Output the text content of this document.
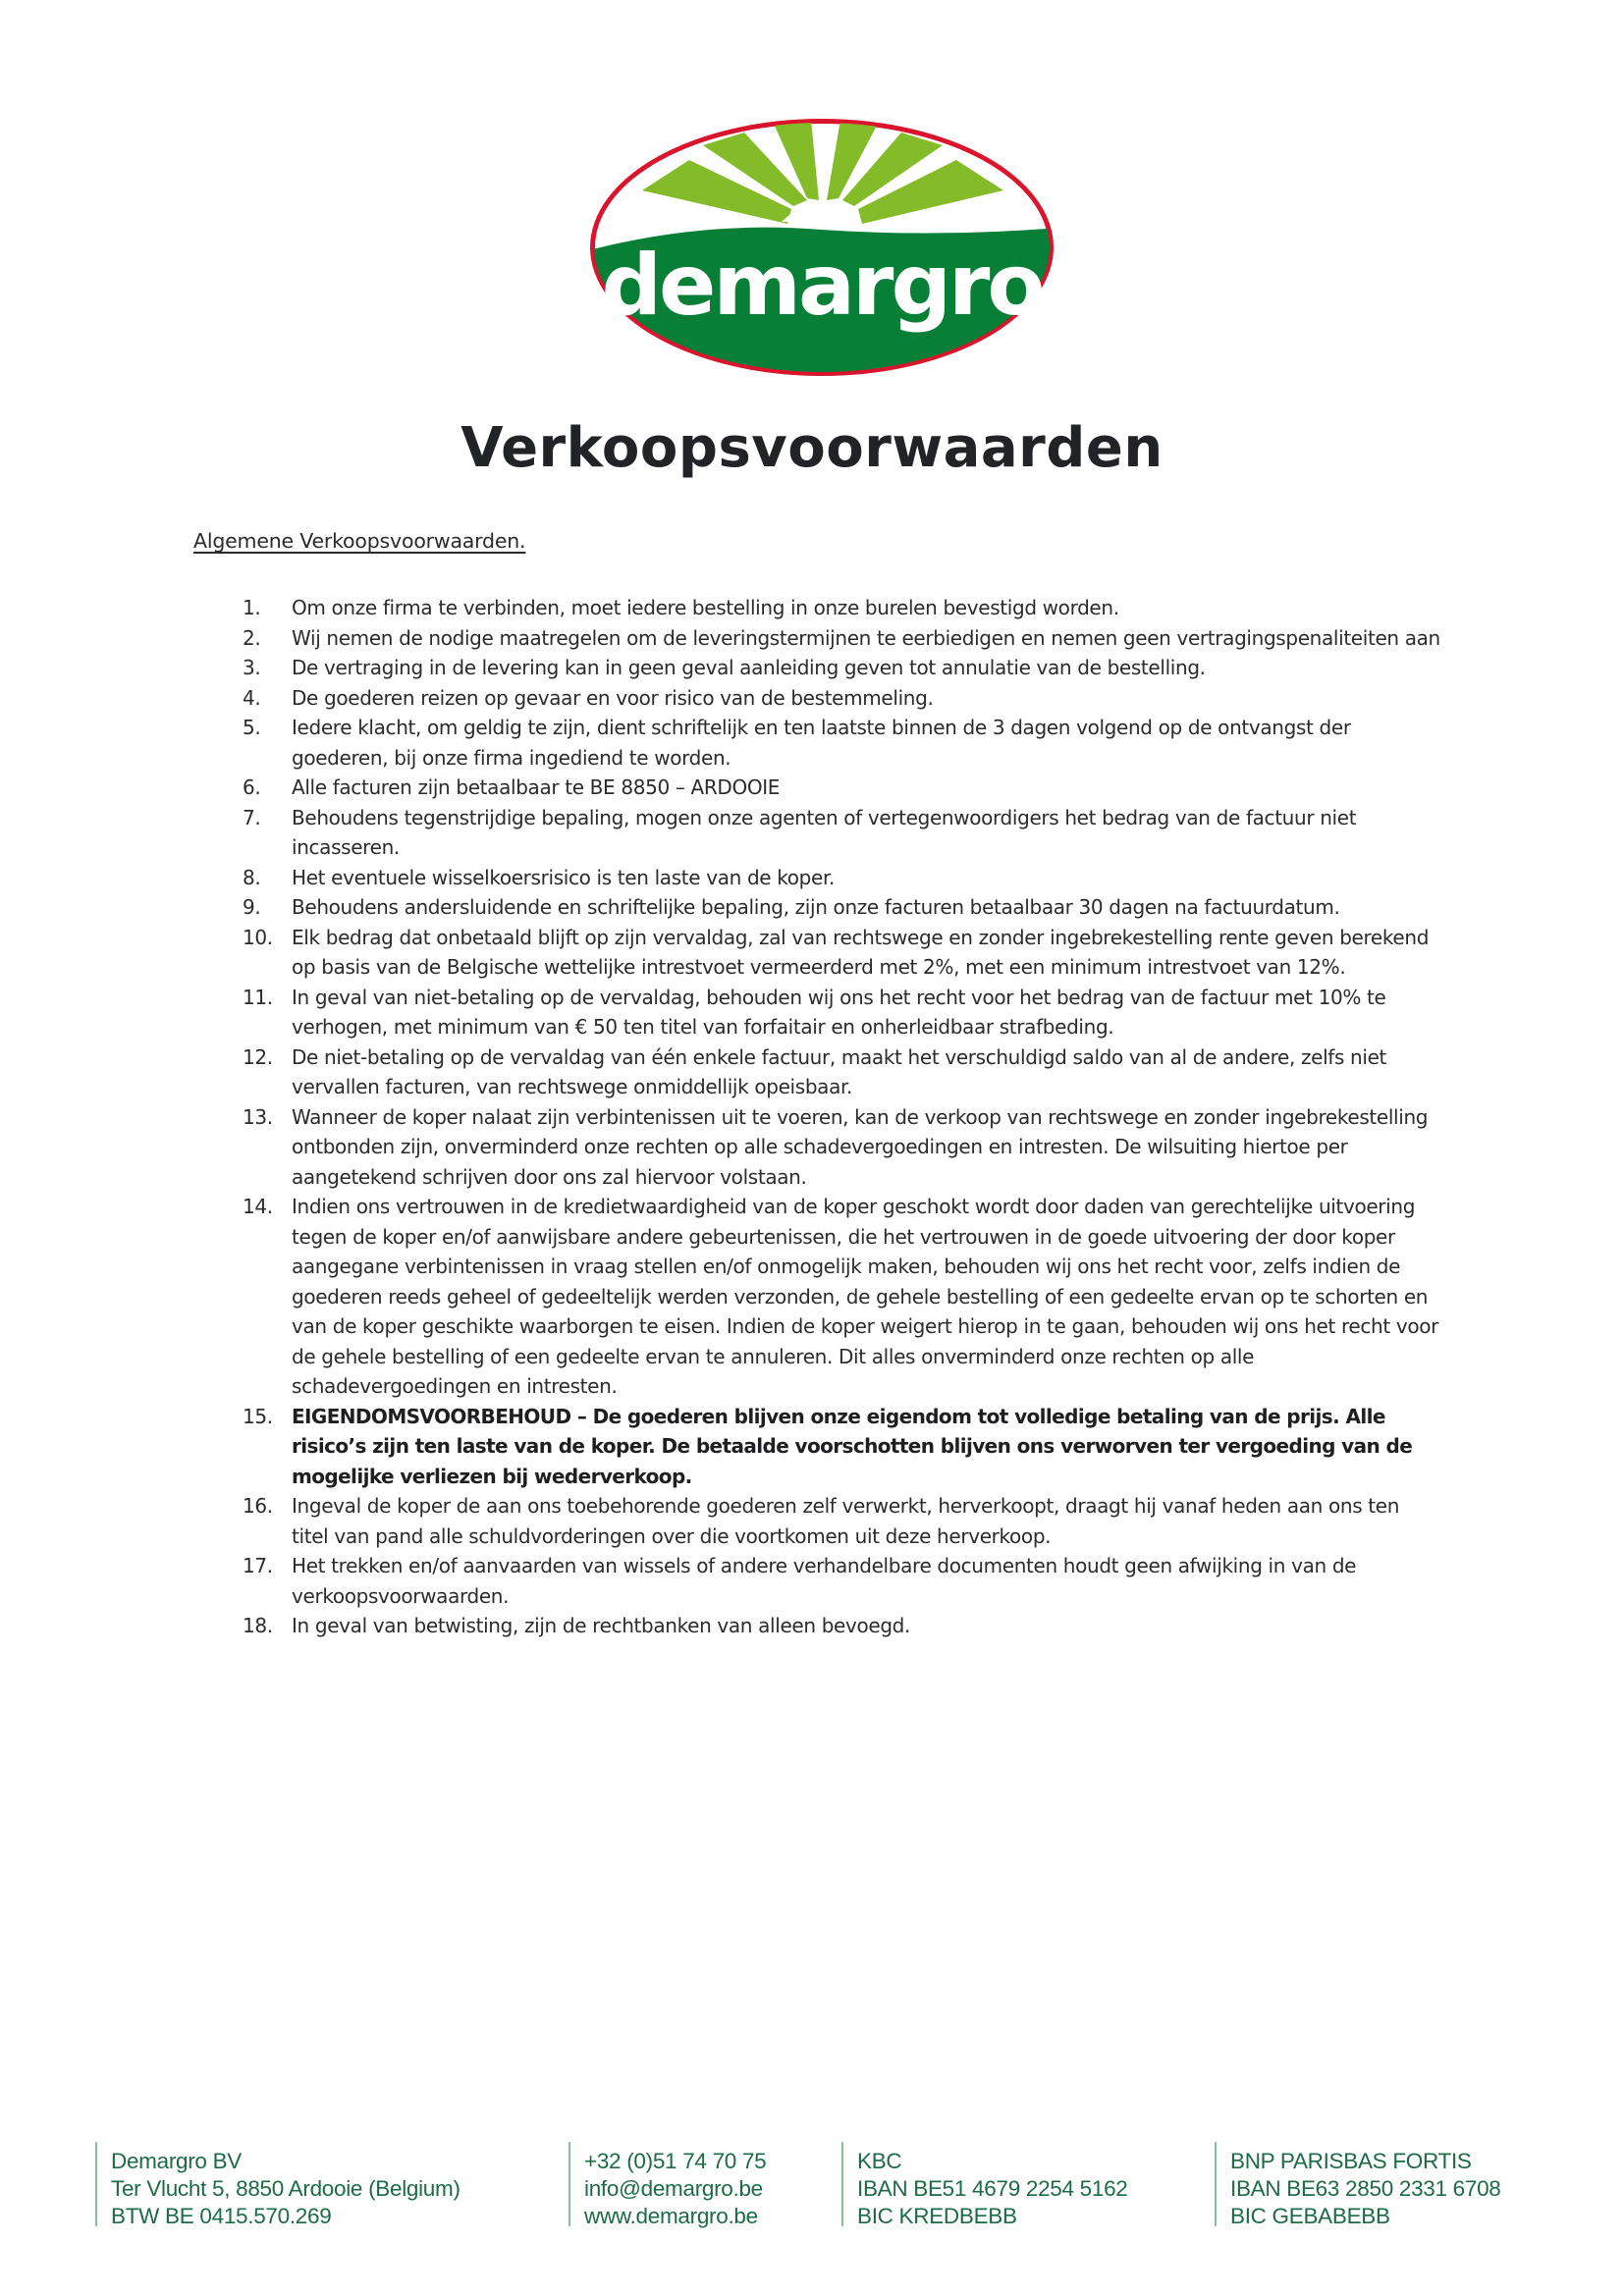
demargro
Verkoopsvoorwaarden
Algemene Verkoopsvoorwaarden.
1. Om onze firma te verbinden, moet iedere bestelling in onze burelen bevestigd worden.
2. Wij nemen de nodige maatregelen om de leveringstermijnen te eerbiedigen en nemen geen vertragingspenaliteiten aan
3. De vertraging in de levering kan in geen geval aanleiding geven tot annulatie van de bestelling.
4. De goederen reizen op gevaar en voor risico van de bestemmeling.
5. Iedere klacht, om geldig te zijn, dient schriftelijk en ten laatste binnen de 3 dagen volgend op de ontvangst der goederen, bij onze firma ingediend te worden.
6. Alle facturen zijn betaalbaar te BE 8850 – ARDOOIE
7. Behoudens tegenstrijdige bepaling, mogen onze agenten of vertegenwoordigers het bedrag van de factuur niet incasseren.
8. Het eventuele wisselkoersrisico is ten laste van de koper.
9. Behoudens andersluidende en schriftelijke bepaling, zijn onze facturen betaalbaar 30 dagen na factuurdatum.
10. Elk bedrag dat onbetaald blijft op zijn vervaldag, zal van rechtswege en zonder ingebrekestelling rente geven berekend op basis van de Belgische wettelijke intrestvoet vermeerderd met 2%, met een minimum intrestvoet van 12%.
11. In geval van niet-betaling op de vervaldag, behouden wij ons het recht voor het bedrag van de factuur met 10% te verhogen, met minimum van € 50 ten titel van forfaitair en onherleidbaar strafbeding.
12. De niet-betaling op de vervaldag van één enkele factuur, maakt het verschuldigd saldo van al de andere, zelfs niet vervallen facturen, van rechtswege onmiddellijk opeisbaar.
13. Wanneer de koper nalaat zijn verbintenissen uit te voeren, kan de verkoop van rechtswege en zonder ingebrekestelling ontbonden zijn, onverminderd onze rechten op alle schadevergoedingen en intresten. De wilsuiting hiertoe per aangetekend schrijven door ons zal hiervoor volstaan.
14. Indien ons vertrouwen in de kredietwaardigheid van de koper geschokt wordt door daden van gerechtelijke uitvoering tegen de koper en/of aanwijsbare andere gebeurtenissen, die het vertrouwen in de goede uitvoering der door koper aangegane verbintenissen in vraag stellen en/of onmogelijk maken, behouden wij ons het recht voor, zelfs indien de goederen reeds geheel of gedeeltelijk werden verzonden, de gehele bestelling of een gedeelte ervan op te schorten en van de koper geschikte waarborgen te eisen. Indien de koper weigert hierop in te gaan, behouden wij ons het recht voor de gehele bestelling of een gedeelte ervan te annuleren. Dit alles onverminderd onze rechten op alle schadevergoedingen en intresten.
15. EIGENDOMSVOORBEHOUD – De goederen blijven onze eigendom tot volledige betaling van de prijs. Alle risico’s zijn ten laste van de koper. De betaalde voorschotten blijven ons verworven ter vergoeding van de mogelijke verliezen bij wederverkoop.
16. Ingeval de koper de aan ons toebehorende goederen zelf verwerkt, herverkoopt, draagt hij vanaf heden aan ons ten titel van pand alle schuldvorderingen over die voortkomen uit deze herverkoop.
17. Het trekken en/of aanvaarden van wissels of andere verhandelbare documenten houdt geen afwijking in van de verkoopsvoorwaarden.
18. In geval van betwisting, zijn de rechtbanken van alleen bevoegd.
Demargro BV
Ter Vlucht 5, 8850 Ardooie (Belgium)
BTW BE 0415.570.269
+32 (0)51 74 70 75
info@demargro.be
www.demargro.be
KBC
IBAN BE51 4679 2254 5162
BIC KREDBEBB
BNP PARISBAS FORTIS
IBAN BE63 2850 2331 6708
BIC GEBABEBB
